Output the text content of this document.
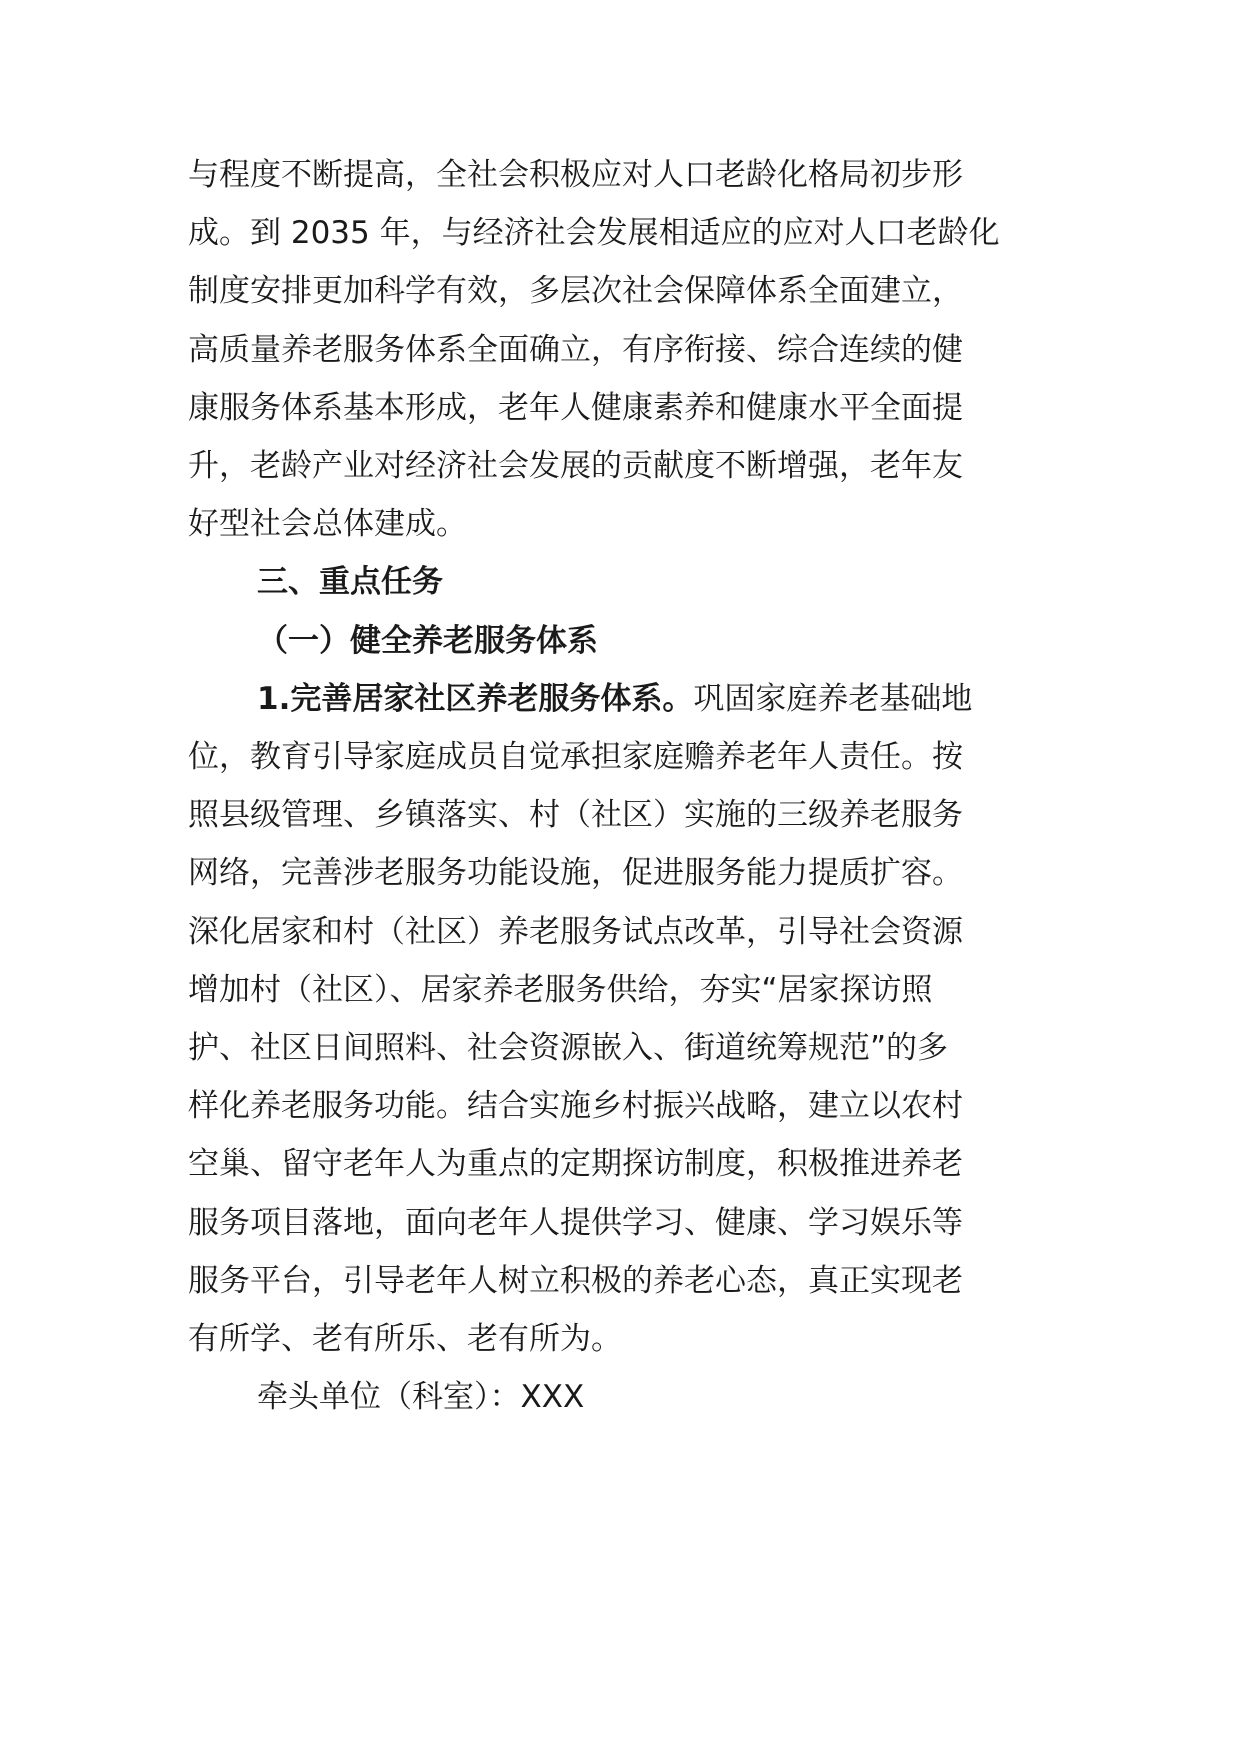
与程度不断提高，全社会积极应对人口老龄化格局初步形
成。到 2035 年，与经济社会发展相适应的应对人口老龄化
制度安排更加科学有效，多层次社会保障体系全面建立，
高质量养老服务体系全面确立，有序衔接、综合连续的健
康服务体系基本形成，老年人健康素养和健康水平全面提
升，老龄产业对经济社会发展的贡献度不断增强，老年友
好型社会总体建成。
三、重点任务
（一）健全养老服务体系
1.完善居家社区养老服务体系。巩固家庭养老基础地
位，教育引导家庭成员自觉承担家庭赡养老年人责任。按
照县级管理、乡镇落实、村（社区）实施的三级养老服务
网络，完善涉老服务功能设施，促进服务能力提质扩容。
深化居家和村（社区）养老服务试点改革，引导社会资源
增加村（社区）、居家养老服务供给，夯实“居家探访照
护、社区日间照料、社会资源嵌入、街道统筹规范”的多
样化养老服务功能。结合实施乡村振兴战略，建立以农村
空巢、留守老年人为重点的定期探访制度，积极推进养老
服务项目落地，面向老年人提供学习、健康、学习娱乐等
服务平台，引导老年人树立积极的养老心态，真正实现老
有所学、老有所乐、老有所为。
牵头单位（科室）：XXX
